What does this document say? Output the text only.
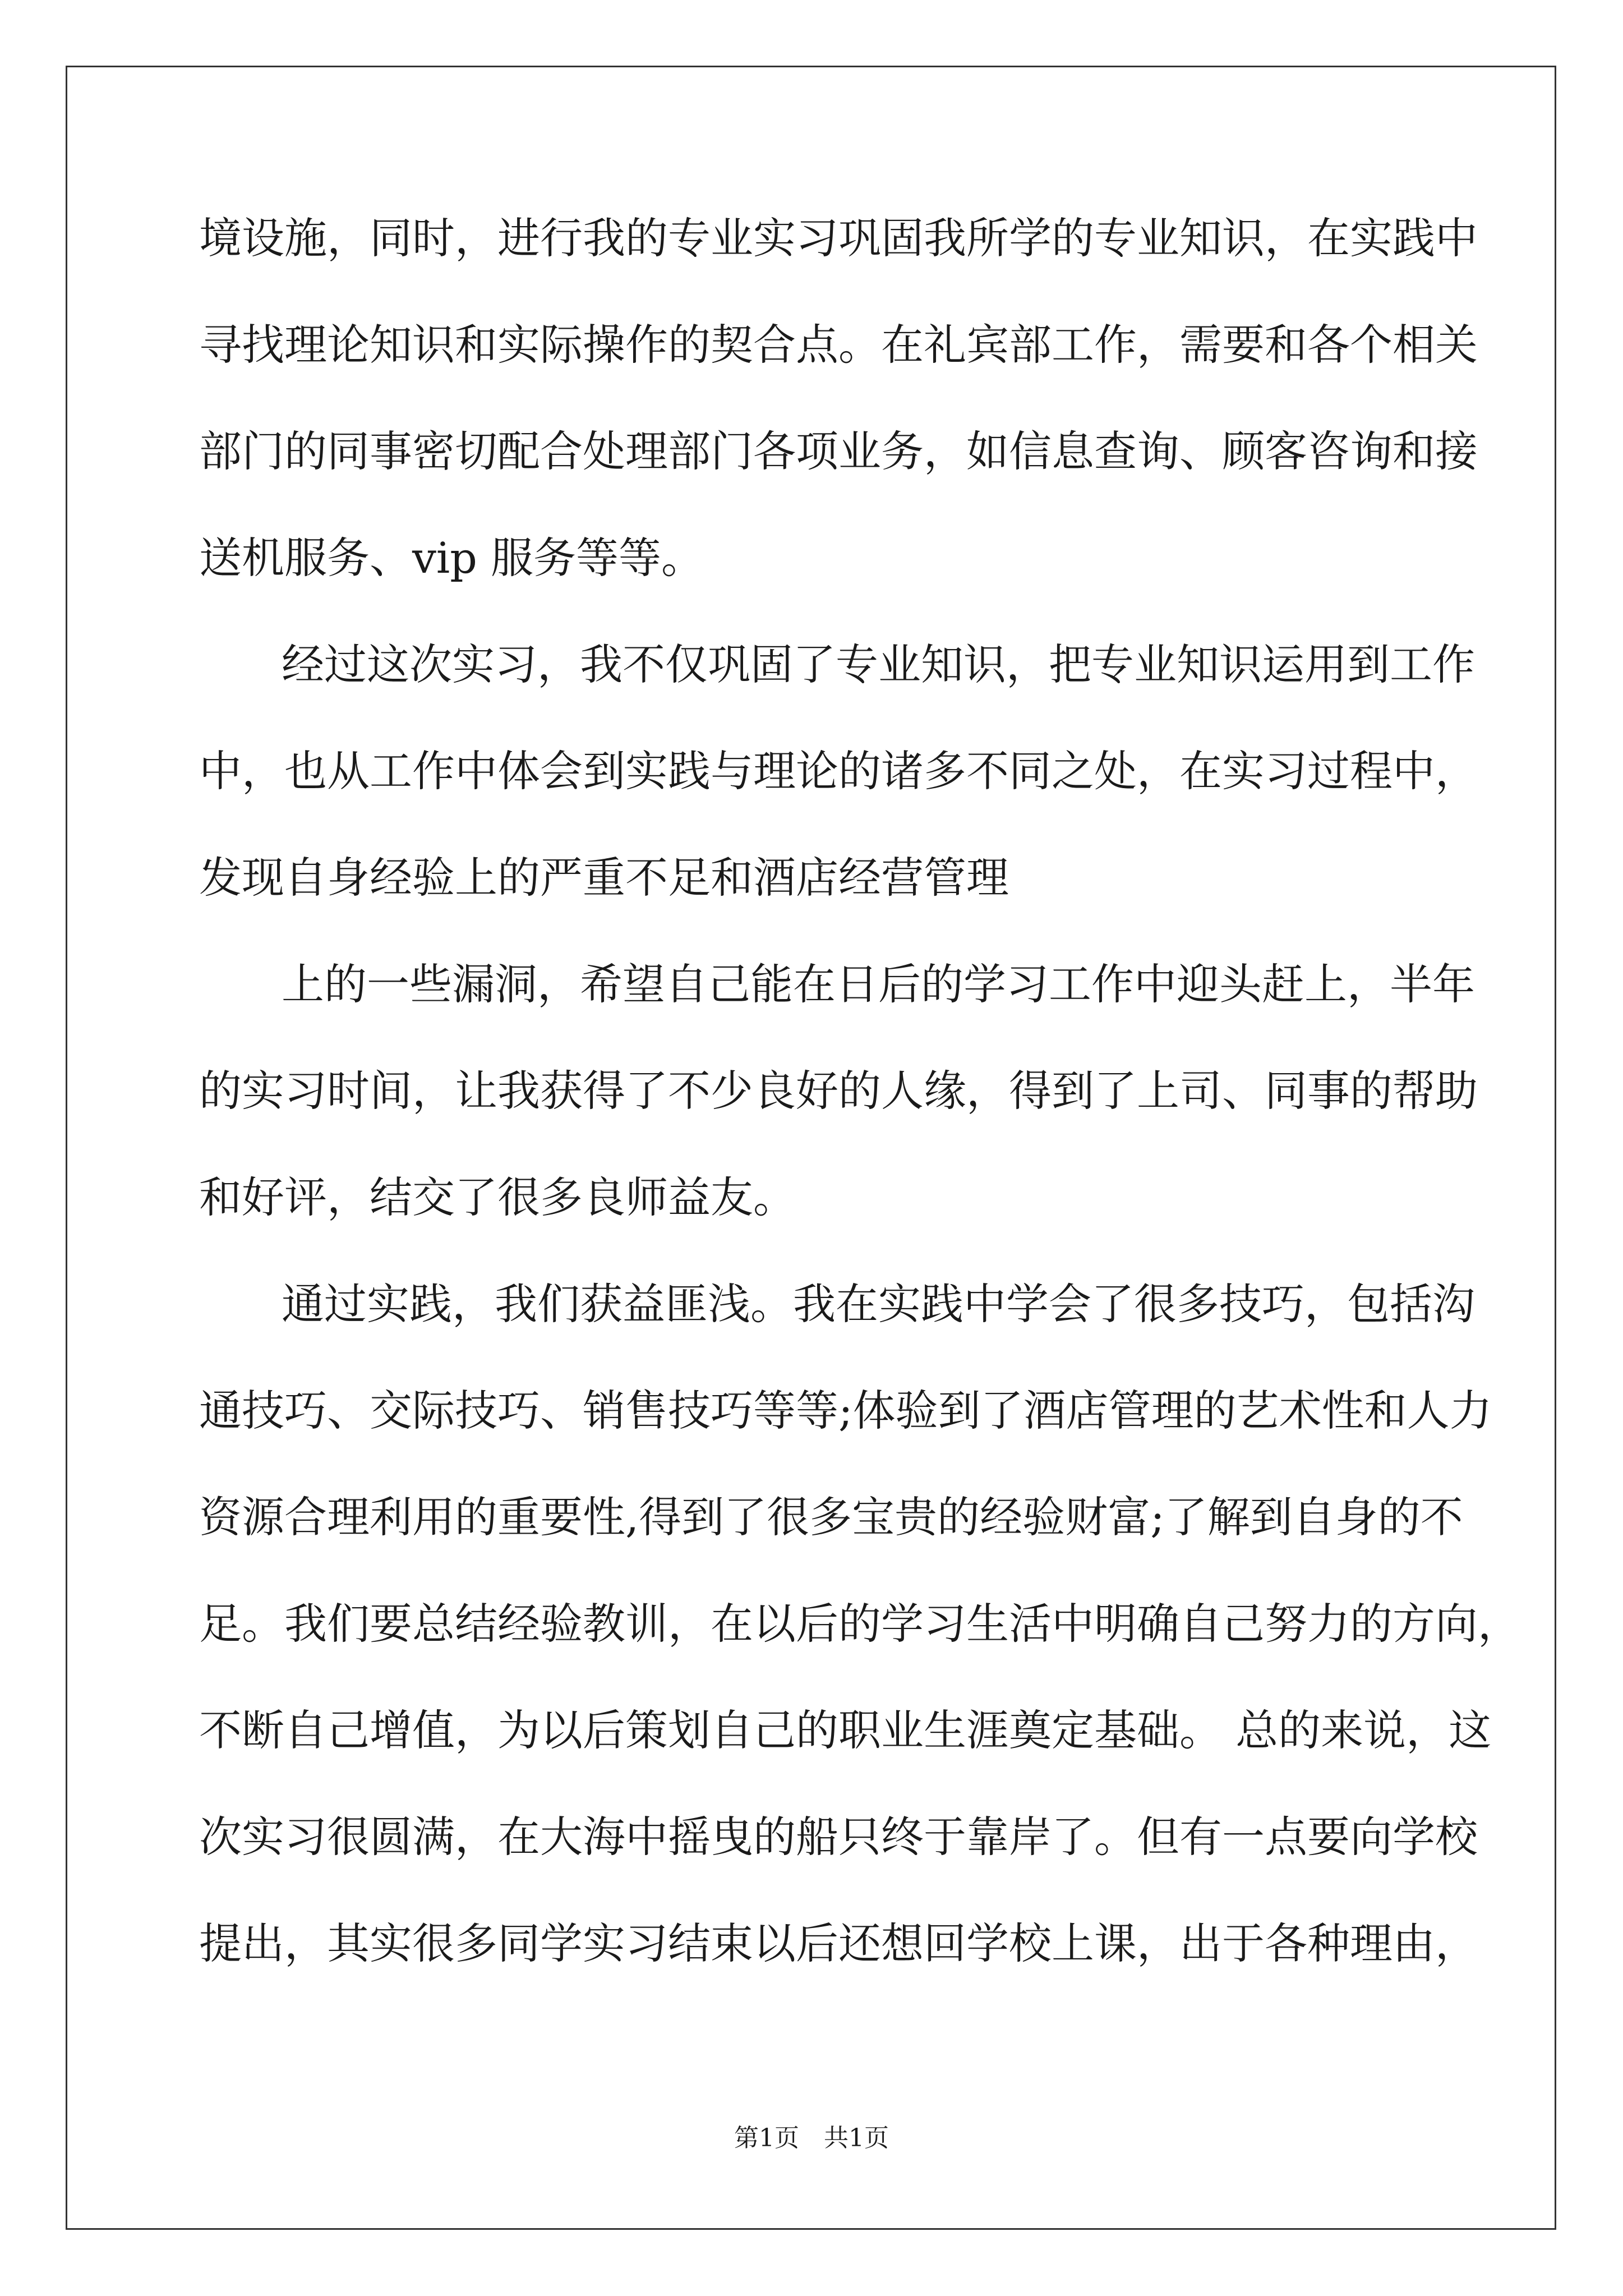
境设施，同时，进行我的专业实习巩固我所学的专业知识，在实践中
寻找理论知识和实际操作的契合点。在礼宾部工作，需要和各个相关
部门的同事密切配合处理部门各项业务，如信息查询、顾客咨询和接
送机服务、vip 服务等等。
经过这次实习，我不仅巩固了专业知识，把专业知识运用到工作
中，也从工作中体会到实践与理论的诸多不同之处，在实习过程中，
发现自身经验上的严重不足和酒店经营管理
上的一些漏洞，希望自己能在日后的学习工作中迎头赶上，半年
的实习时间，让我获得了不少良好的人缘，得到了上司、同事的帮助
和好评，结交了很多良师益友。
通过实践，我们获益匪浅。我在实践中学会了很多技巧，包括沟
通技巧、交际技巧、销售技巧等等;体验到了酒店管理的艺术性和人力
资源合理利用的重要性,得到了很多宝贵的经验财富;了解到自身的不
足。我们要总结经验教训，在以后的学习生活中明确自己努力的方向，
不断自己增值，为以后策划自己的职业生涯奠定基础。 总的来说，这
次实习很圆满，在大海中摇曳的船只终于靠岸了。但有一点要向学校
提出，其实很多同学实习结束以后还想回学校上课，出于各种理由，
第1页　共1页
